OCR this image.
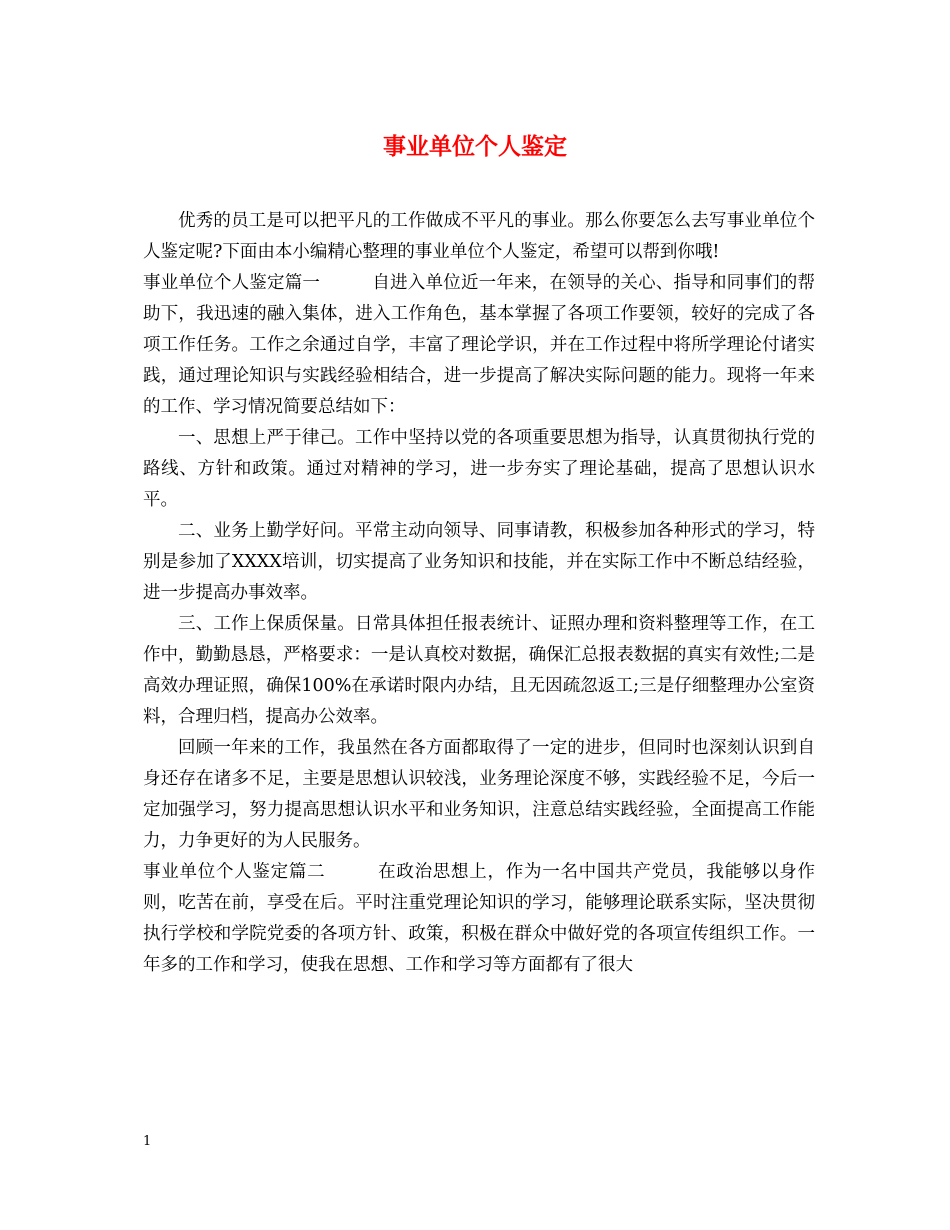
事业单位个人鉴定

优秀的员工是可以把平凡的工作做成不平凡的事业。那么你要怎么去写事业单位个人鉴定呢?下面由本小编精心整理的事业单位个人鉴定，希望可以帮到你哦!

事业单位个人鉴定篇一	自进入单位近一年来，在领导的关心、指导和同事们的帮助下，我迅速的融入集体，进入工作角色，基本掌握了各项工作要领，较好的完成了各项工作任务。工作之余通过自学，丰富了理论学识，并在工作过程中将所学理论付诸实践，通过理论知识与实践经验相结合，进一步提高了解决实际问题的能力。现将一年来的工作、学习情况简要总结如下：

一、思想上严于律己。工作中坚持以党的各项重要思想为指导，认真贯彻执行党的路线、方针和政策。通过对精神的学习，进一步夯实了理论基础，提高了思想认识水平。

二、业务上勤学好问。平常主动向领导、同事请教，积极参加各种形式的学习，特别是参加了XXXX培训，切实提高了业务知识和技能，并在实际工作中不断总结经验，进一步提高办事效率。

三、工作上保质保量。日常具体担任报表统计、证照办理和资料整理等工作，在工作中，勤勤恳恳，严格要求：一是认真校对数据，确保汇总报表数据的真实有效性;二是高效办理证照，确保100%在承诺时限内办结，且无因疏忽返工;三是仔细整理办公室资料，合理归档，提高办公效率。

回顾一年来的工作，我虽然在各方面都取得了一定的进步，但同时也深刻认识到自身还存在诸多不足，主要是思想认识较浅，业务理论深度不够，实践经验不足，今后一定加强学习，努力提高思想认识水平和业务知识，注意总结实践经验，全面提高工作能力，力争更好的为人民服务。

事业单位个人鉴定篇二	在政治思想上，作为一名中国共产党员，我能够以身作则，吃苦在前，享受在后。平时注重党理论知识的学习，能够理论联系实际，坚决贯彻执行学校和学院党委的各项方针、政策，积极在群众中做好党的各项宣传组织工作。一年多的工作和学习，使我在思想、工作和学习等方面都有了很大

1
